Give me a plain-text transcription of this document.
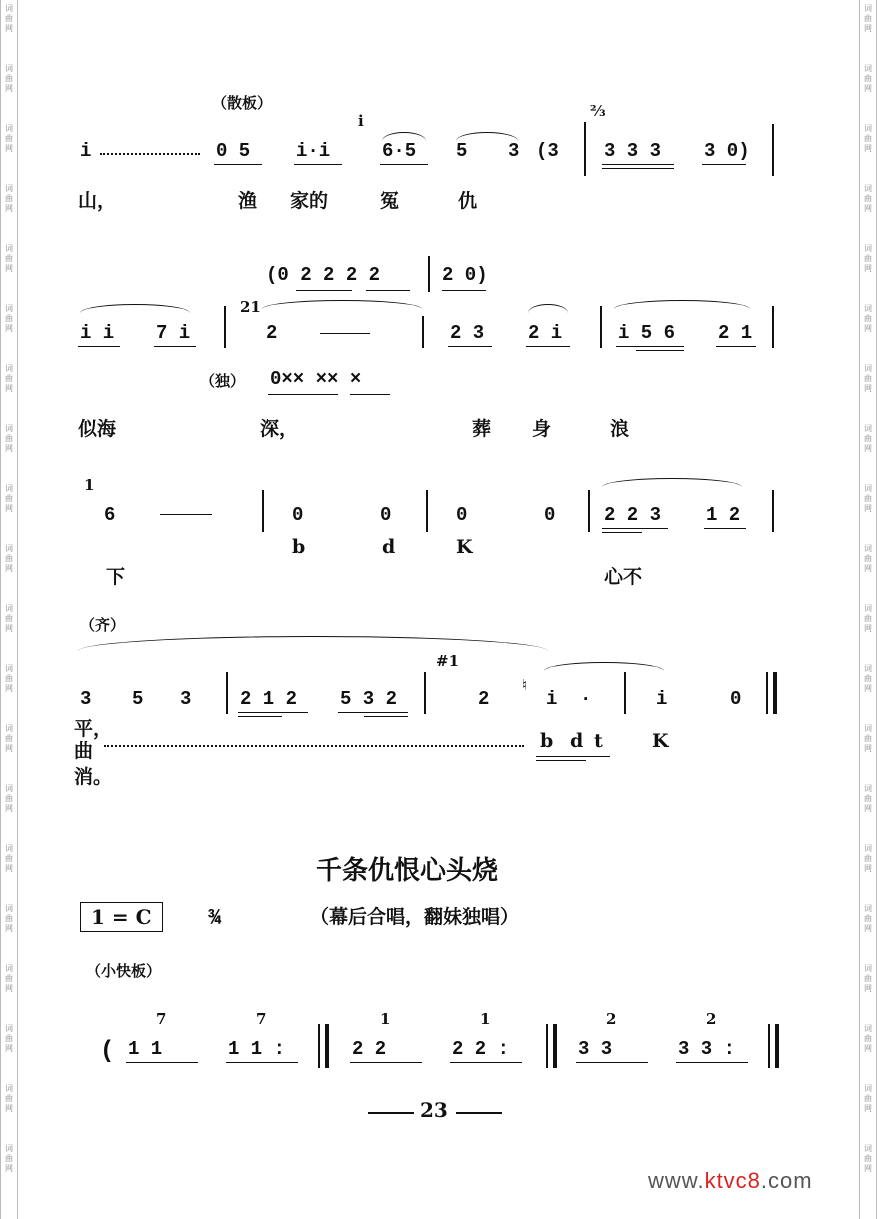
词
曲
网
词
曲
网
词
曲
网
词
曲
网
词
曲
网
词
曲
网
词
曲
网
词
曲
网
词
曲
网
词
曲
网
词
曲
网
词
曲
网
词
曲
网
词
曲
网
词
曲
网
词
曲
网
词
曲
网
词
曲
网
词
曲
网
词
曲
网
词
曲
网
词
曲
网
词
曲
网
词
曲
网
词
曲
网
词
曲
网
词
曲
网
词
曲
网
词
曲
网
词
曲
网
词
曲
网
词
曲
网
词
曲
网
词
曲
网
词
曲
网
词
曲
网
词
曲
网
词
曲
网
词
曲
网
词
曲
网
（散板）
i	0 5 i·i
i
6·5 5 3 (3
⅔
3 3 3 3 0)
山，	渔 家的	冤	仇
(0 2 2 2 2	2 0)
i i 7 i
21
2	2 3 2 i	i 5 6 2 1
（独） 0×× ×× ×
似海	深，	葬 身	浪
1
6	0	0	0	0	2 2 3 1 2
b	d	K
下	心不
（齐）
3 5 3	2 1 2 5 3 2
#1
2
♮
i ·	i	0
平，
曲
消。
b d t	K
千条仇恨心头烧
1 = C	¾	（幕后合唱，翻妹独唱）
（小快板）
(
7
1 1
7
1 1 :
1
2 2
1
2 2 :
2
3 3
2
3 3 :
23
www.ktvc8.com
